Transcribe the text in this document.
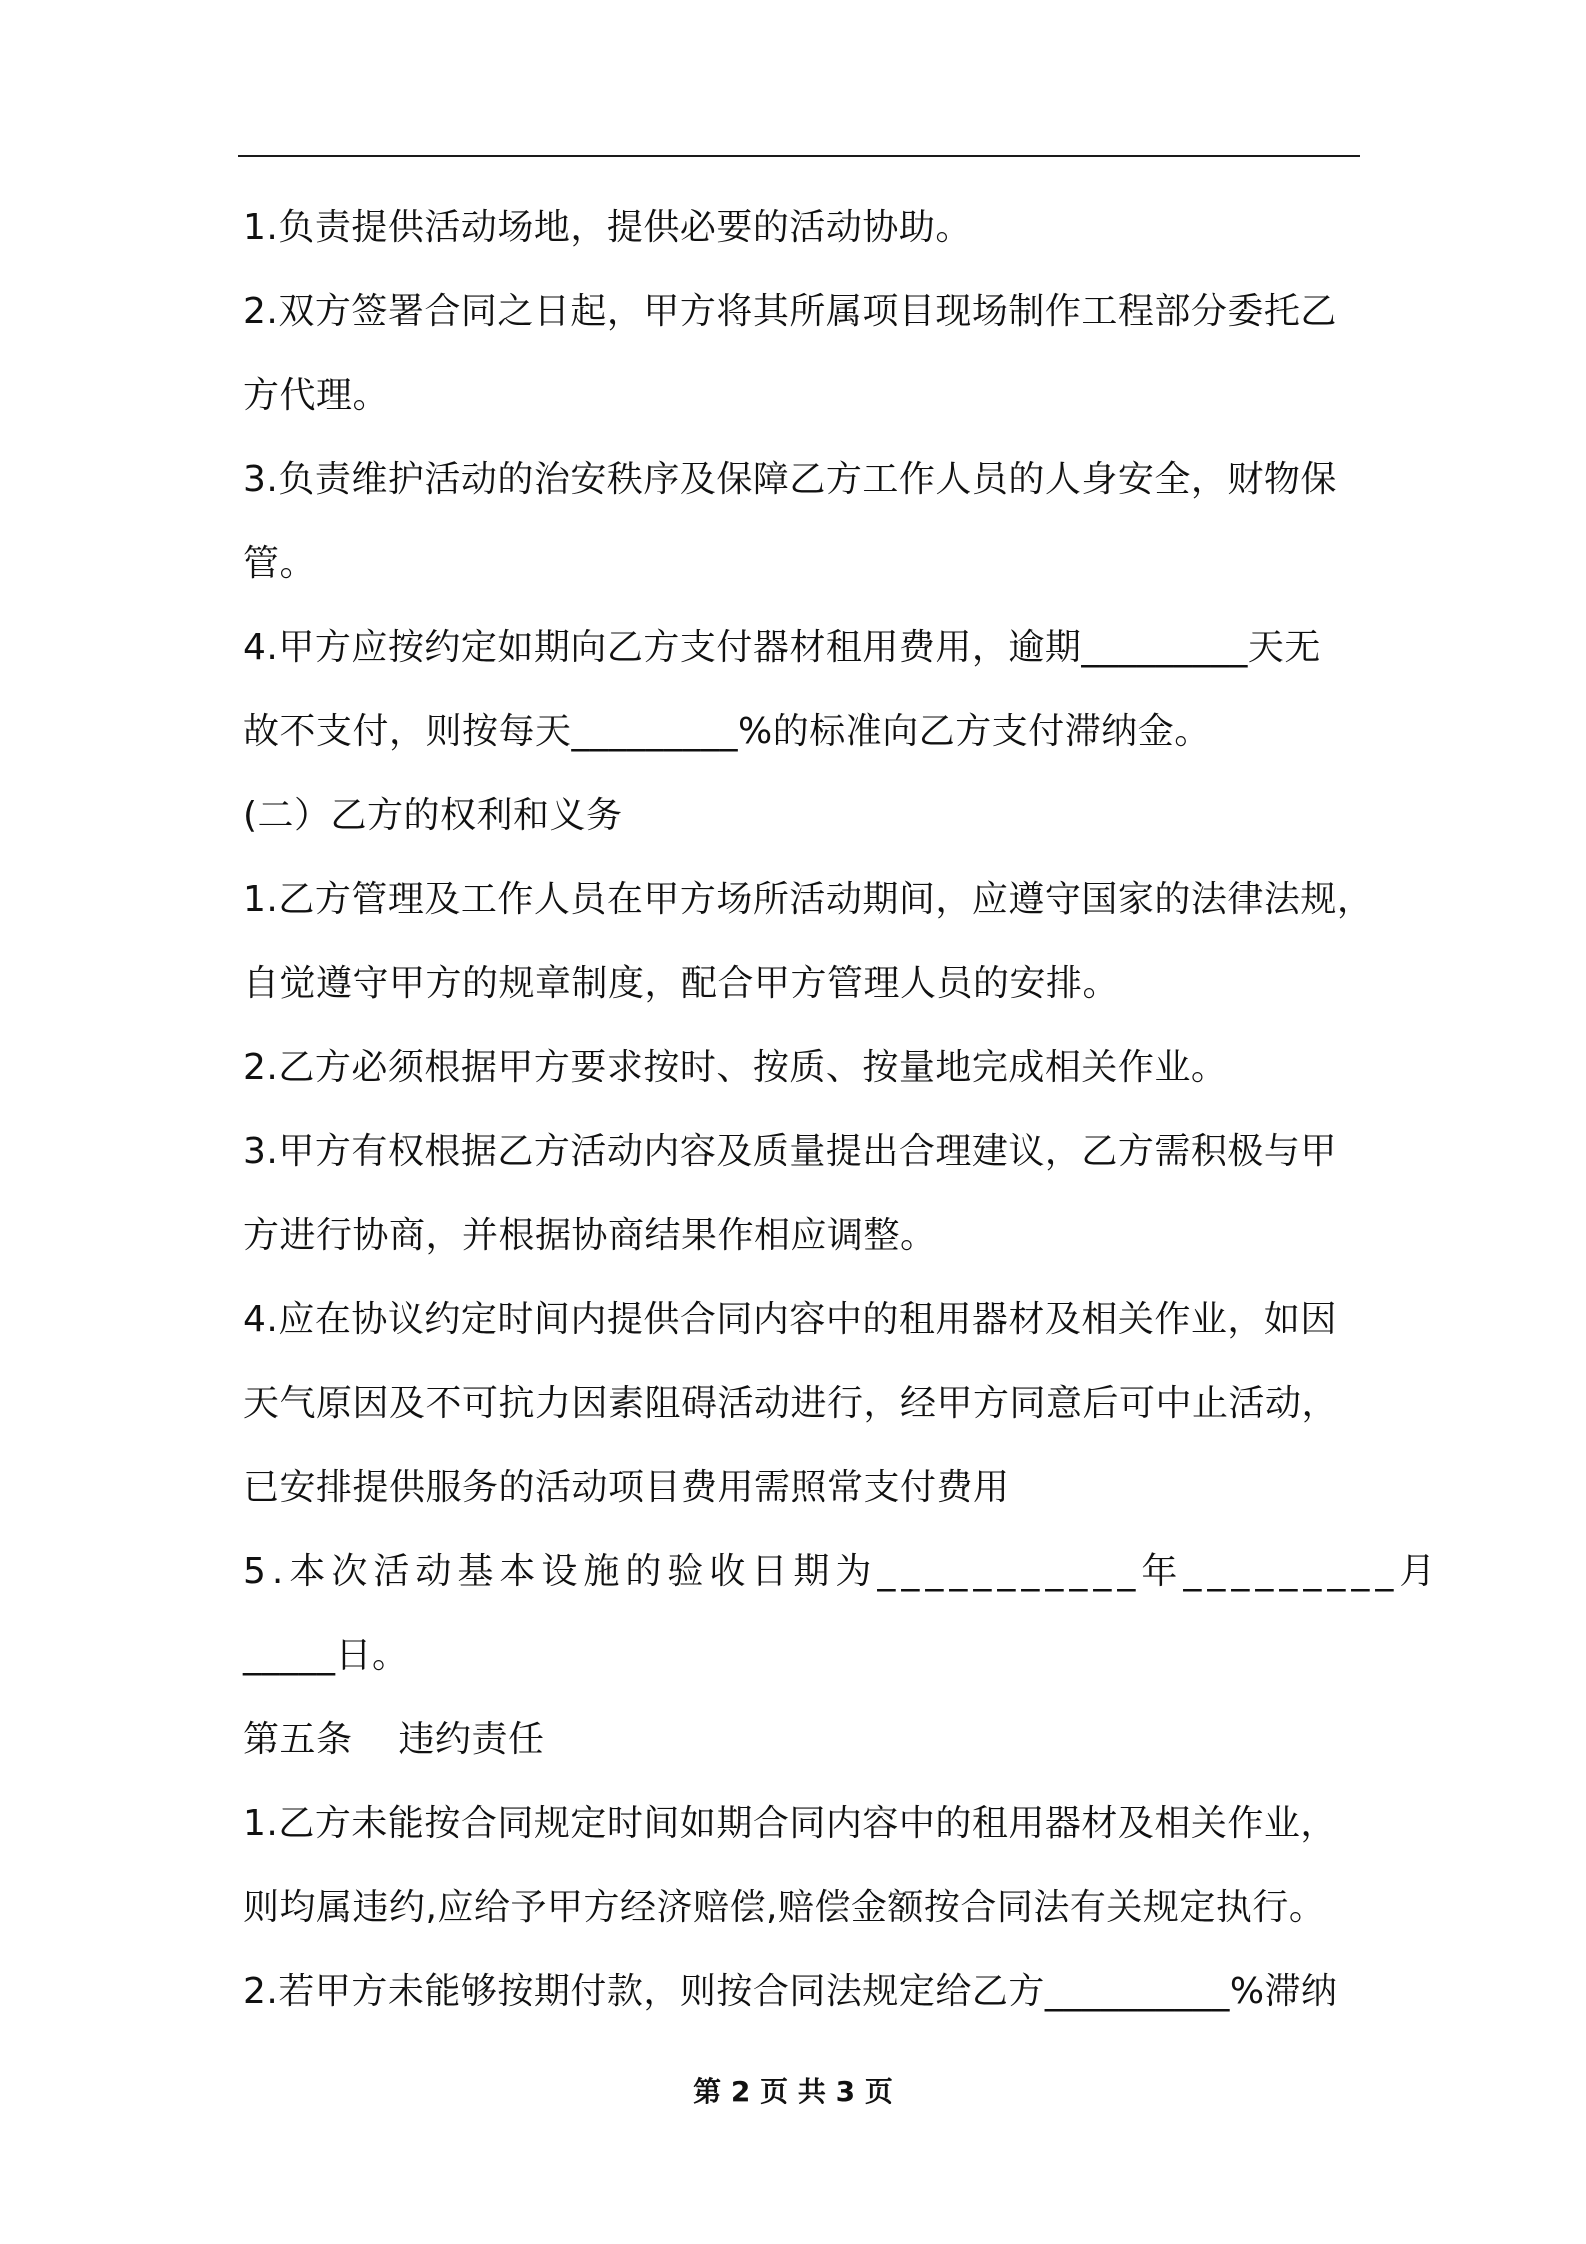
1.负责提供活动场地，提供必要的活动协助。
2.双方签署合同之日起，甲方将其所属项目现场制作工程部分委托乙
方代理。
3.负责维护活动的治安秩序及保障乙方工作人员的人身安全，财物保
管。
4.甲方应按约定如期向乙方支付器材租用费用，逾期_________天无
故不支付，则按每天_________%的标准向乙方支付滞纳金。
(二）乙方的权利和义务
1.乙方管理及工作人员在甲方场所活动期间，应遵守国家的法律法规，
自觉遵守甲方的规章制度，配合甲方管理人员的安排。
2.乙方必须根据甲方要求按时、按质、按量地完成相关作业。
3.甲方有权根据乙方活动内容及质量提出合理建议，乙方需积极与甲
方进行协商，并根据协商结果作相应调整。
4.应在协议约定时间内提供合同内容中的租用器材及相关作业，如因
天气原因及不可抗力因素阻碍活动进行，经甲方同意后可中止活动，
已安排提供服务的活动项目费用需照常支付费用
5.本次活动基本设施的验收日期为___________年_________月
_____日。
第五条 违约责任
1.乙方未能按合同规定时间如期合同内容中的租用器材及相关作业，
则均属违约,应给予甲方经济赔偿,赔偿金额按合同法有关规定执行。
2.若甲方未能够按期付款，则按合同法规定给乙方__________%滞纳
第 2 页 共 3 页
